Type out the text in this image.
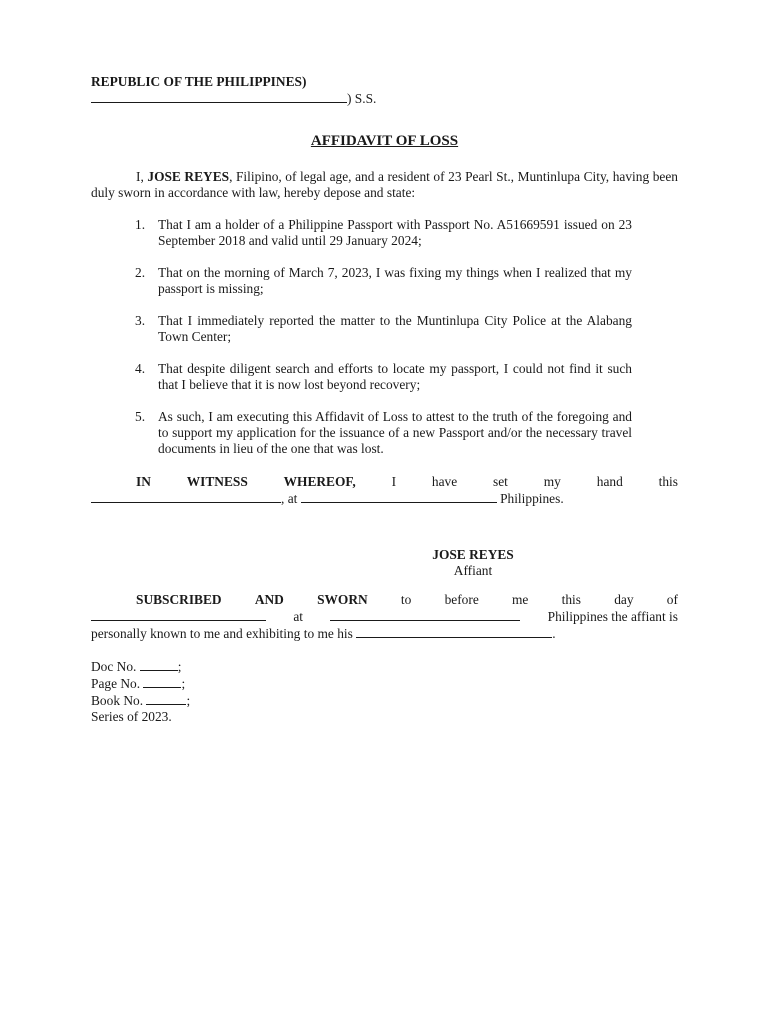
REPUBLIC OF THE PHILIPPINES)
) S.S.
AFFIDAVIT OF LOSS

I, JOSE REYES, Filipino, of legal age, and a resident of 23 Pearl St., Muntinlupa City, having been duly sworn in accordance with law, hereby depose and state:

1. That I am a holder of a Philippine Passport with Passport No. A51669591 issued on 23 September 2018 and valid until 29 January 2024;
2. That on the morning of March 7, 2023, I was fixing my things when I realized that my passport is missing;
3. That I immediately reported the matter to the Muntinlupa City Police at the Alabang Town Center;
4. That despite diligent search and efforts to locate my passport, I could not find it such that I believe that it is now lost beyond recovery;
5. As such, I am executing this Affidavit of Loss to attest to the truth of the foregoing and to support my application for the issuance of a new Passport and/or the necessary travel documents in lieu of the one that was lost.
IN	WITNESS	WHEREOF,	I	have	set	my	hand	this
, at	Philippines.
JOSE REYES
Affiant
SUBSCRIBED AND SWORN to before me this day of
at	Philippines the affiant is
personally known to me and exhibiting to me his	.
Doc No.	;
Page No.	;
Book No.	;
Series of 2023.
